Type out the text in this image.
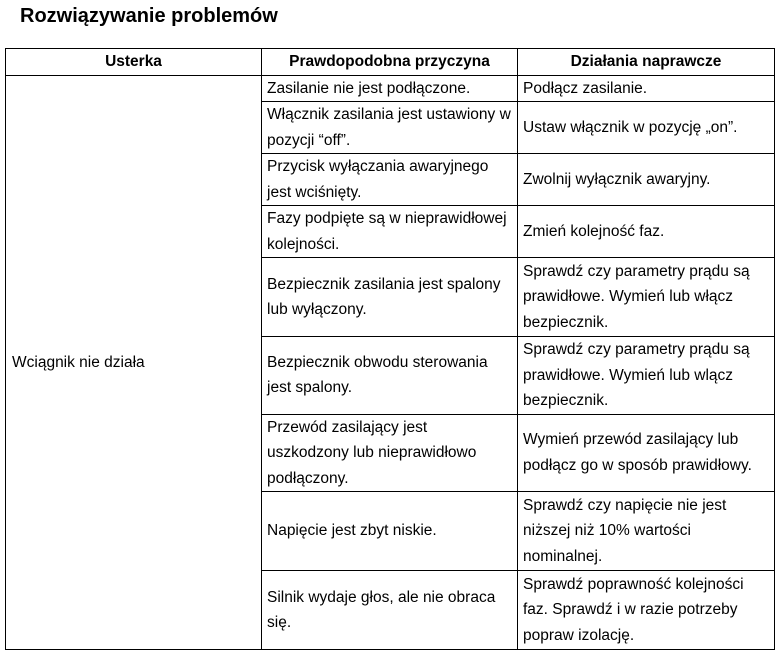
Rozwiązywanie problemów
Usterka	Prawdopodobna przyczyna	Działania naprawcze
Wciągnik nie działa	Zasilanie nie jest podłączone.	Podłącz zasilanie.
	Włącznik zasilania jest ustawiony w pozycji “off”.	Ustaw włącznik w pozycję „on”.
	Przycisk wyłączania awaryjnego jest wciśnięty.	Zwolnij wyłącznik awaryjny.
	Fazy podpięte są w nieprawidłowej kolejności.	Zmień kolejność faz.
	Bezpiecznik zasilania jest spalony lub wyłączony.	Sprawdź czy parametry prądu są prawidłowe. Wymień lub włącz bezpiecznik.
	Bezpiecznik obwodu sterowania jest spalony.	Sprawdź czy parametry prądu są prawidłowe. Wymień lub wlącz bezpiecznik.
	Przewód zasilający jest uszkodzony lub nieprawidłowo podłączony.	Wymień przewód zasilający lub podłącz go w sposób prawidłowy.
	Napięcie jest zbyt niskie.	Sprawdź czy napięcie nie jest niższej niż 10% wartości nominalnej.
	Silnik wydaje głos, ale nie obraca się.	Sprawdź poprawność kolejności faz. Sprawdź i w razie potrzeby popraw izolację.
